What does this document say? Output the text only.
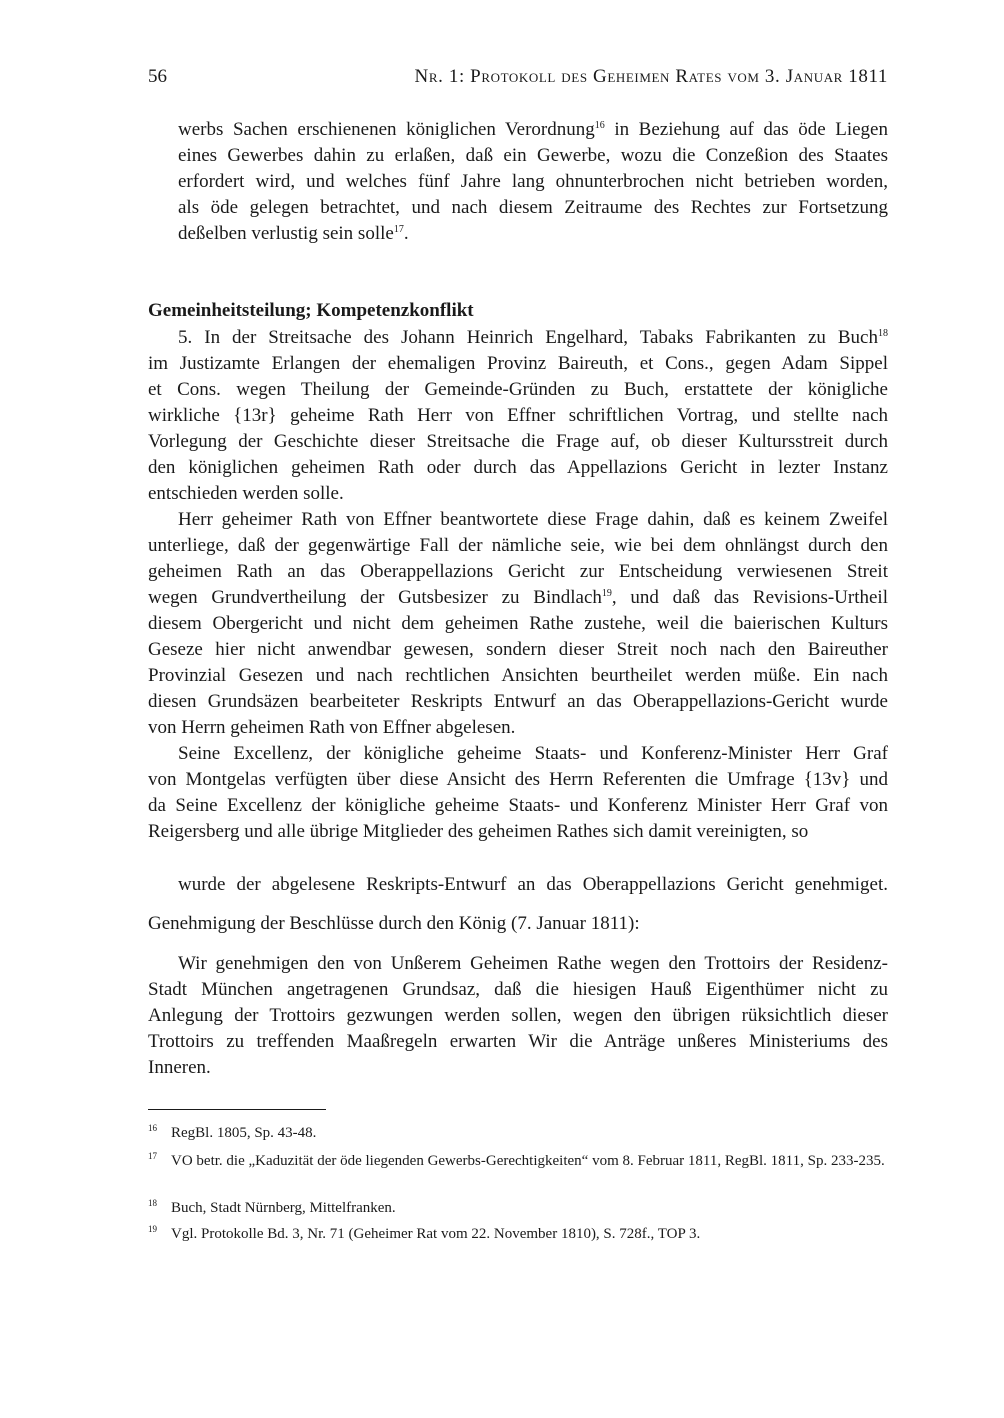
56	Nr. 1: Protokoll des Geheimen Rates vom 3. Januar 1811
werbs Sachen erschienenen königlichen Verordnung$^{16}$ in Beziehung auf das öde Liegen
eines Gewerbes dahin zu erlaßen, daß ein Gewerbe, wozu die Conzeßion des Staates
erfordert wird, und welches fünf Jahre lang ohnunterbrochen nicht betrieben worden,
als öde gelegen betrachtet, und nach diesem Zeitraume des Rechtes zur Fortsetzung
deßelben verlustig sein solle$^{17}$.
Gemeinheitsteilung; Kompetenzkonflikt
5. In der Streitsache des Johann Heinrich Engelhard, Tabaks Fabrikanten zu Buch$^{18}$
im Justizamte Erlangen der ehemaligen Provinz Baireuth, et Cons., gegen Adam Sippel
et Cons. wegen Theilung der Gemeinde-Gründen zu Buch, erstattete der königliche
wirkliche {13r} geheime Rath Herr von Effner schriftlichen Vortrag, und stellte nach
Vorlegung der Geschichte dieser Streitsache die Frage auf, ob dieser Kultursstreit durch
den königlichen geheimen Rath oder durch das Appellazions Gericht in lezter Instanz
entschieden werden solle.
Herr geheimer Rath von Effner beantwortete diese Frage dahin, daß es keinem Zweifel
unterliege, daß der gegenwärtige Fall der nämliche seie, wie bei dem ohnlängst durch den
geheimen Rath an das Oberappellazions Gericht zur Entscheidung verwiesenen Streit
wegen Grundvertheilung der Gutsbesizer zu Bindlach$^{19}$, und daß das Revisions-Urtheil
diesem Obergericht und nicht dem geheimen Rathe zustehe, weil die baierischen Kulturs
Geseze hier nicht anwendbar gewesen, sondern dieser Streit noch nach den Baireuther
Provinzial Gesezen und nach rechtlichen Ansichten beurtheilet werden müße. Ein nach
diesen Grundsäzen bearbeiteter Reskripts Entwurf an das Oberappellazions-Gericht wurde
von Herrn geheimen Rath von Effner abgelesen.
Seine Excellenz, der königliche geheime Staats- und Konferenz-Minister Herr Graf
von Montgelas verfügten über diese Ansicht des Herrn Referenten die Umfrage {13v} und
da Seine Excellenz der königliche geheime Staats- und Konferenz Minister Herr Graf von
Reigersberg und alle übrige Mitglieder des geheimen Rathes sich damit vereinigten, so
wurde der abgelesene Reskripts-Entwurf an das Oberappellazions Gericht genehmiget.
Genehmigung der Beschlüsse durch den König (7. Januar 1811):
Wir genehmigen den von Unßerem Geheimen Rathe wegen den Trottoirs der Residenz-
Stadt München angetragenen Grundsaz, daß die hiesigen Hauß Eigenthümer nicht zu
Anlegung der Trottoirs gezwungen werden sollen, wegen den übrigen rüksichtlich dieser
Trottoirs zu treffenden Maaßregeln erwarten Wir die Anträge unßeres Ministeriums des
Inneren.
16 RegBl. 1805, Sp. 43-48.
17 VO betr. die „Kaduzität der öde liegenden Gewerbs-Gerechtigkeiten“ vom 8. Februar 1811, RegBl. 1811, Sp. 233-235.
18 Buch, Stadt Nürnberg, Mittelfranken.
19 Vgl. Protokolle Bd. 3, Nr. 71 (Geheimer Rat vom 22. November 1810), S. 728f., TOP 3.
